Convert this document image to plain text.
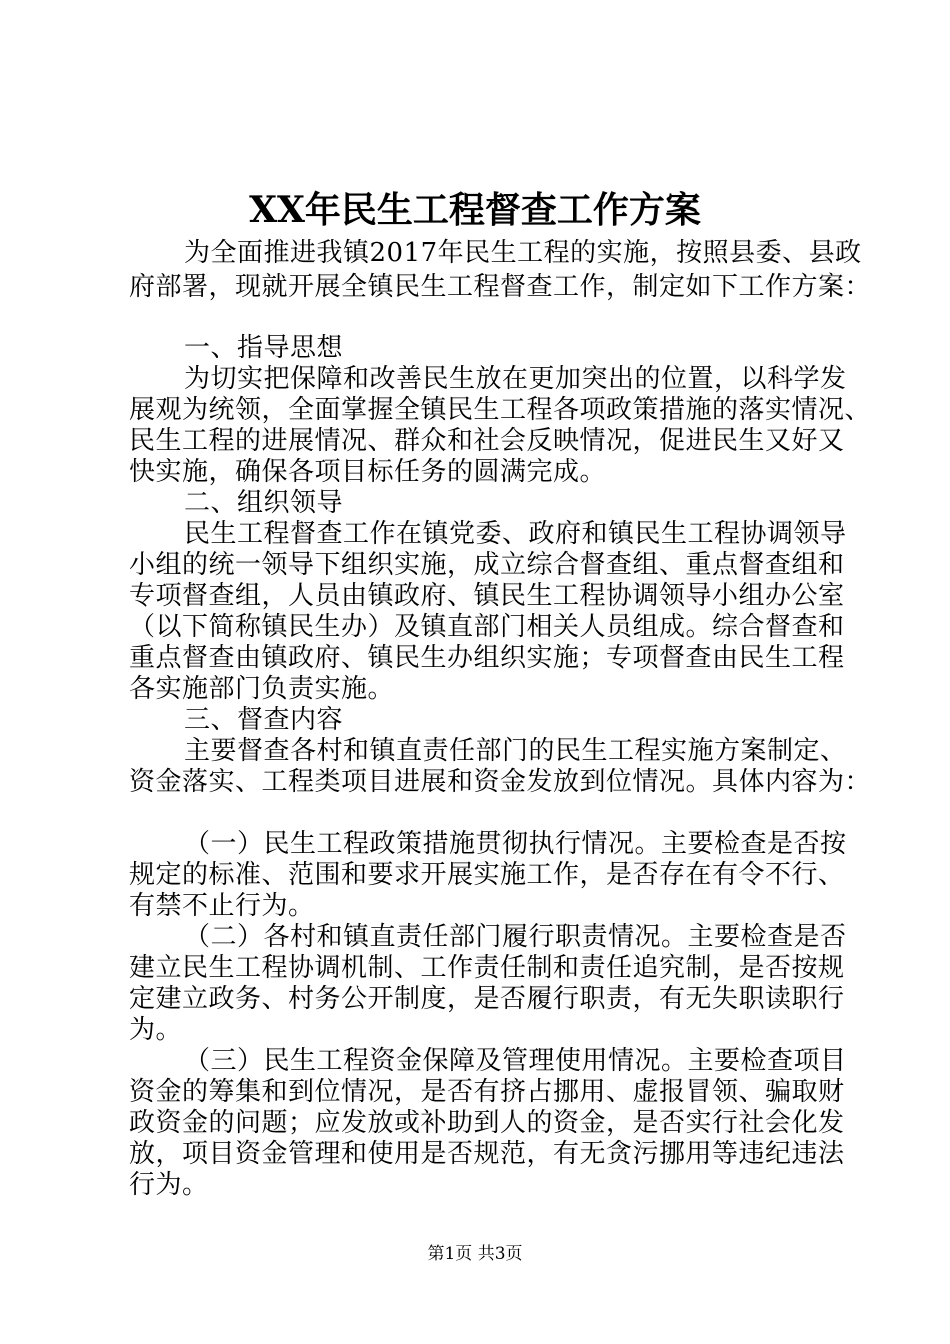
XX年民生工程督查工作方案
为全面推进我镇2017年民生工程的实施，按照县委、县政
府部署，现就开展全镇民生工程督查工作，制定如下工作方案：
一、指导思想
为切实把保障和改善民生放在更加突出的位置，以科学发
展观为统领，全面掌握全镇民生工程各项政策措施的落实情况、
民生工程的进展情况、群众和社会反映情况，促进民生又好又
快实施，确保各项目标任务的圆满完成。
二、组织领导
民生工程督查工作在镇党委、政府和镇民生工程协调领导
小组的统一领导下组织实施，成立综合督查组、重点督查组和
专项督查组，人员由镇政府、镇民生工程协调领导小组办公室
（以下简称镇民生办）及镇直部门相关人员组成。综合督查和
重点督查由镇政府、镇民生办组织实施；专项督查由民生工程
各实施部门负责实施。
三、督查内容
主要督查各村和镇直责任部门的民生工程实施方案制定、
资金落实、工程类项目进展和资金发放到位情况。具体内容为：
（一）民生工程政策措施贯彻执行情况。主要检查是否按
规定的标准、范围和要求开展实施工作，是否存在有令不行、
有禁不止行为。
（二）各村和镇直责任部门履行职责情况。主要检查是否
建立民生工程协调机制、工作责任制和责任追究制，是否按规
定建立政务、村务公开制度，是否履行职责，有无失职读职行
为。
（三）民生工程资金保障及管理使用情况。主要检查项目
资金的筹集和到位情况，是否有挤占挪用、虚报冒领、骗取财
政资金的问题；应发放或补助到人的资金，是否实行社会化发
放，项目资金管理和使用是否规范，有无贪污挪用等违纪违法
行为。
第1页 共3页
